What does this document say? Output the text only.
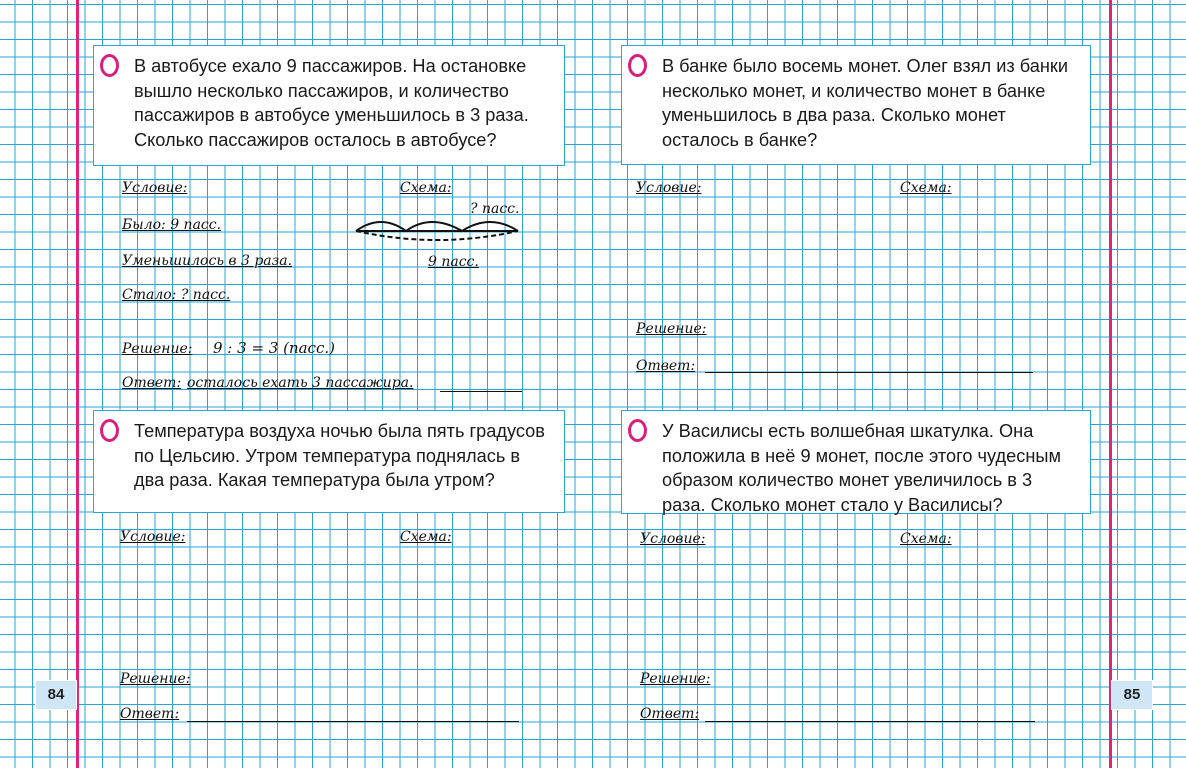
В автобусе ехало 9 пассажиров. На остановке вышло несколько пассажиров, и количество пассажиров в автобусе уменьшилось в 3 раза. Сколько пассажиров осталось в автобусе?

Условие:	Схема:
Было: 9 пасс.
Уменьшилось в 3 раза.
Стало: ? пасс.
? пасс.
9 пасс.
Решение: 9 : 3 = 3 (пасс.)
Ответ: осталось ехать 3 пассажира.

В банке было восемь монет. Олег взял из банки несколько монет, и количество монет в банке уменьшилось в два раза. Сколько монет осталось в банке?

Условие:	Схема:
Решение:
Ответ:

Температура воздуха ночью была пять градусов по Цельсию. Утром температура поднялась в два раза. Какая температура была утром?

Условие:	Схема:
Решение:
Ответ:

У Василисы есть волшебная шкатулка. Она положила в неё 9 монет, после этого чудесным образом количество монет увеличилось в 3 раза. Сколько монет стало у Василисы?

Условие:	Схема:
Решение:
Ответ:
84	85
